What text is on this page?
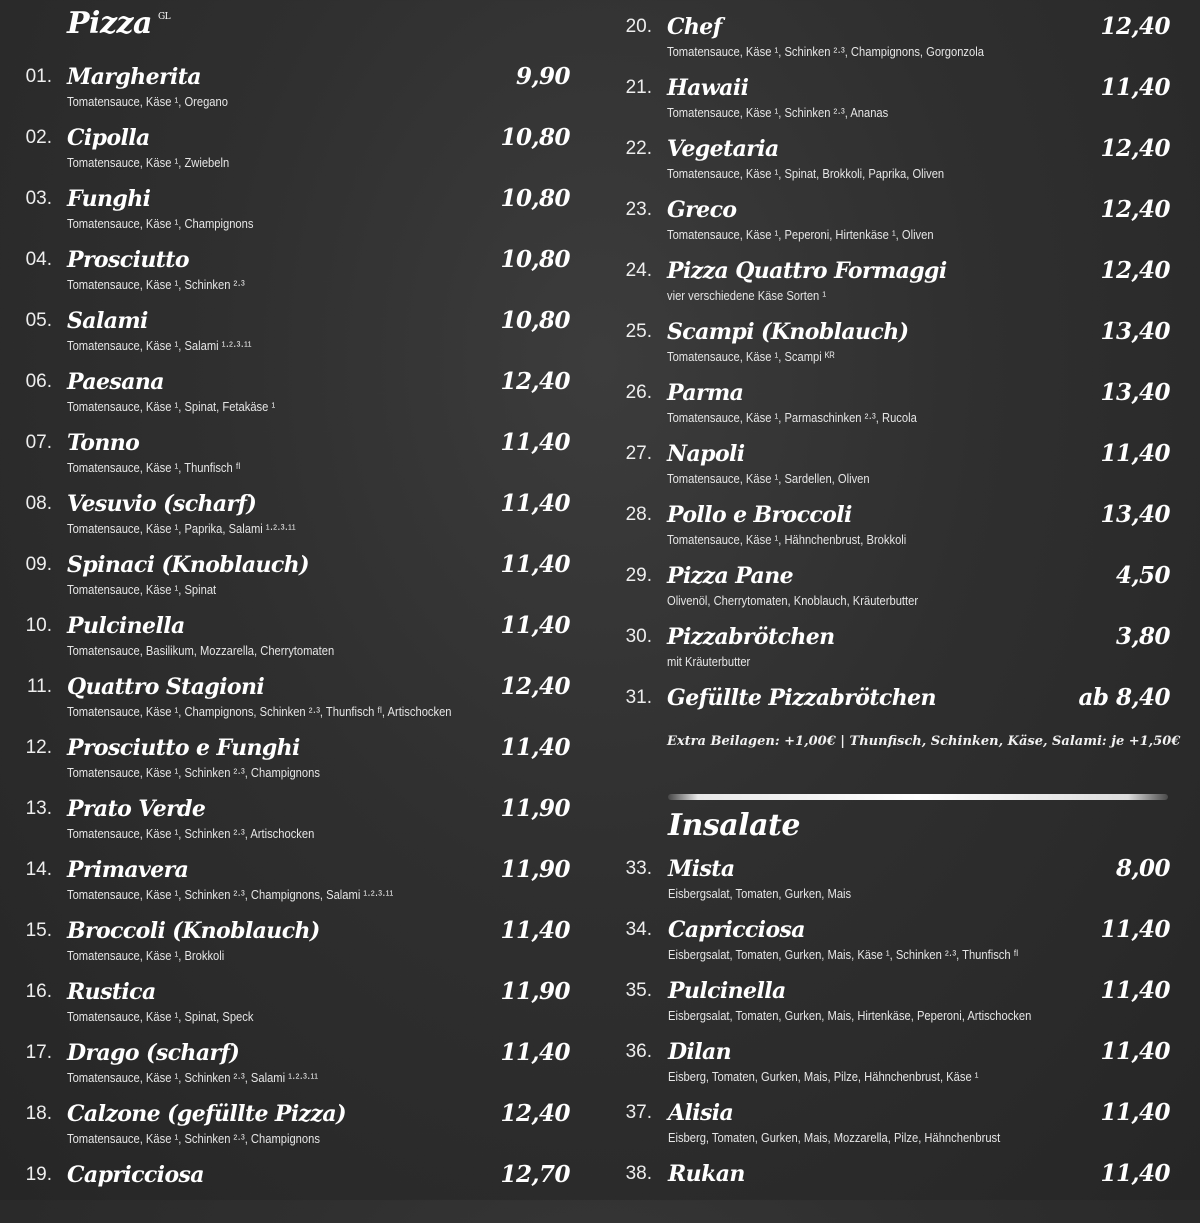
Pizza $^{GL}$
01. Margherita	9,90
Tomatensauce, Käse ¹, Oregano
02. Cipolla	10,80
Tomatensauce, Käse ¹, Zwiebeln
03. Funghi	10,80
Tomatensauce, Käse ¹, Champignons
04. Prosciutto	10,80
Tomatensauce, Käse ¹, Schinken ²·³
05. Salami	10,80
Tomatensauce, Käse ¹, Salami ¹·²·³·¹¹
06. Paesana	12,40
Tomatensauce, Käse ¹, Spinat, Fetakäse ¹
07. Tonno	11,40
Tomatensauce, Käse ¹, Thunfisch ᶠᴵ
08. Vesuvio (scharf)	11,40
Tomatensauce, Käse ¹, Paprika, Salami ¹·²·³·¹¹
09. Spinaci (Knoblauch)	11,40
Tomatensauce, Käse ¹, Spinat
10. Pulcinella	11,40
Tomatensauce, Basilikum, Mozzarella, Cherrytomaten
11. Quattro Stagioni	12,40
Tomatensauce, Käse ¹, Champignons, Schinken ²·³, Thunfisch ᶠᴵ, Artischocken
12. Prosciutto e Funghi	11,40
Tomatensauce, Käse ¹, Schinken ²·³, Champignons
13. Prato Verde	11,90
Tomatensauce, Käse ¹, Schinken ²·³, Artischocken
14. Primavera	11,90
Tomatensauce, Käse ¹, Schinken ²·³, Champignons, Salami ¹·²·³·¹¹
15. Broccoli (Knoblauch)	11,40
Tomatensauce, Käse ¹, Brokkoli
16. Rustica	11,90
Tomatensauce, Käse ¹, Spinat, Speck
17. Drago (scharf)	11,40
Tomatensauce, Käse ¹, Schinken ²·³, Salami ¹·²·³·¹¹
18. Calzone (gefüllte Pizza)	12,40
Tomatensauce, Käse ¹, Schinken ²·³, Champignons
19. Capricciosa	12,70
20. Chef	12,40
Tomatensauce, Käse ¹, Schinken ²·³, Champignons, Gorgonzola
21. Hawaii	11,40
Tomatensauce, Käse ¹, Schinken ²·³, Ananas
22. Vegetaria	12,40
Tomatensauce, Käse ¹, Spinat, Brokkoli, Paprika, Oliven
23. Greco	12,40
Tomatensauce, Käse ¹, Peperoni, Hirtenkäse ¹, Oliven
24. Pizza Quattro Formaggi	12,40
vier verschiedene Käse Sorten ¹
25. Scampi (Knoblauch)	13,40
Tomatensauce, Käse ¹, Scampi ᴷᴿ
26. Parma	13,40
Tomatensauce, Käse ¹, Parmaschinken ²·³, Rucola
27. Napoli	11,40
Tomatensauce, Käse ¹, Sardellen, Oliven
28. Pollo e Broccoli	13,40
Tomatensauce, Käse ¹, Hähnchenbrust, Brokkoli
29. Pizza Pane	4,50
Olivenöl, Cherrytomaten, Knoblauch, Kräuterbutter
30. Pizzabrötchen	3,80
mit Kräuterbutter
31. Gefüllte Pizzabrötchen	ab 8,40
Extra Beilagen: +1,00€ | Thunfisch, Schinken, Käse, Salami: je +1,50€
Insalate
33. Mista	8,00
Eisbergsalat, Tomaten, Gurken, Mais
34. Capricciosa	11,40
Eisbergsalat, Tomaten, Gurken, Mais, Käse ¹, Schinken ²·³, Thunfisch ᶠᴵ
35. Pulcinella	11,40
Eisbergsalat, Tomaten, Gurken, Mais, Hirtenkäse, Peperoni, Artischocken
36. Dilan	11,40
Eisberg, Tomaten, Gurken, Mais, Pilze, Hähnchenbrust, Käse ¹
37. Alisia	11,40
Eisberg, Tomaten, Gurken, Mais, Mozzarella, Pilze, Hähnchenbrust
38. Rukan	11,40
